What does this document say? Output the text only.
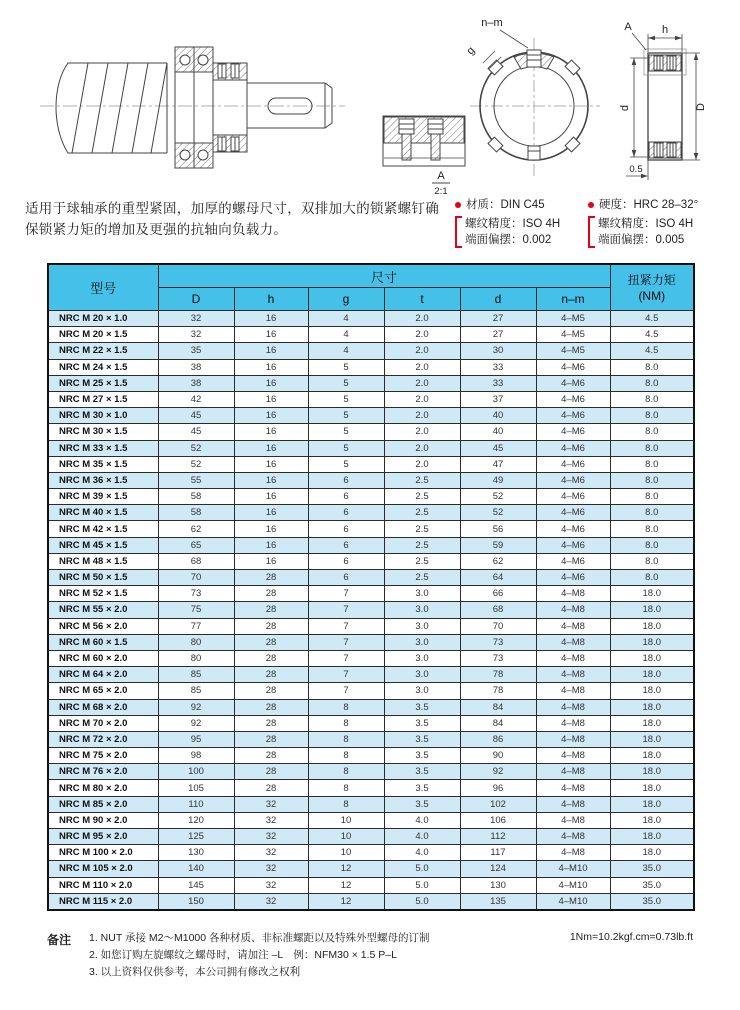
A
2:1
n–m
g
h
A
d	D
0.5
适用于球轴承的重型紧固，加厚的螺母尺寸，双排加大的锁紧螺钉确保锁紧力矩的增加及更强的抗轴向负载力。
材质：DIN C45
螺纹精度：ISO 4H
端面偏摆：0.002
硬度：HRC 28–32°
螺纹精度：ISO 4H
端面偏摆：0.005
型号	尺寸						扭紧力矩
(NM)

	D	h	g	t	d	n–m	
NRC M 20 × 1.0	32	16	4	2.0	27	4–M5	4.5
NRC M 20 × 1.5	32	16	4	2.0	27	4–M5	4.5
NRC M 22 × 1.5	35	16	4	2.0	30	4–M5	4.5
NRC M 24 × 1.5	38	16	5	2.0	33	4–M6	8.0
NRC M 25 × 1.5	38	16	5	2.0	33	4–M6	8.0
NRC M 27 × 1.5	42	16	5	2.0	37	4–M6	8.0
NRC M 30 × 1.0	45	16	5	2.0	40	4–M6	8.0
NRC M 30 × 1.5	45	16	5	2.0	40	4–M6	8.0
NRC M 33 × 1.5	52	16	5	2.0	45	4–M6	8.0
NRC M 35 × 1.5	52	16	5	2.0	47	4–M6	8.0
NRC M 36 × 1.5	55	16	6	2.5	49	4–M6	8.0
NRC M 39 × 1.5	58	16	6	2.5	52	4–M6	8.0
NRC M 40 × 1.5	58	16	6	2.5	52	4–M6	8.0
NRC M 42 × 1.5	62	16	6	2.5	56	4–M6	8.0
NRC M 45 × 1.5	65	16	6	2.5	59	4–M6	8.0
NRC M 48 × 1.5	68	16	6	2.5	62	4–M6	8.0
NRC M 50 × 1.5	70	28	6	2.5	64	4–M6	8.0
NRC M 52 × 1.5	73	28	7	3.0	66	4–M8	18.0
NRC M 55 × 2.0	75	28	7	3.0	68	4–M8	18.0
NRC M 56 × 2.0	77	28	7	3.0	70	4–M8	18.0
NRC M 60 × 1.5	80	28	7	3.0	73	4–M8	18.0
NRC M 60 × 2.0	80	28	7	3.0	73	4–M8	18.0
NRC M 64 × 2.0	85	28	7	3.0	78	4–M8	18.0
NRC M 65 × 2.0	85	28	7	3.0	78	4–M8	18.0
NRC M 68 × 2.0	92	28	8	3.5	84	4–M8	18.0
NRC M 70 × 2.0	92	28	8	3.5	84	4–M8	18.0
NRC M 72 × 2.0	95	28	8	3.5	86	4–M8	18.0
NRC M 75 × 2.0	98	28	8	3.5	90	4–M8	18.0
NRC M 76 × 2.0	100	28	8	3.5	92	4–M8	18.0
NRC M 80 × 2.0	105	28	8	3.5	96	4–M8	18.0
NRC M 85 × 2.0	110	32	8	3.5	102	4–M8	18.0
NRC M 90 × 2.0	120	32	10	4.0	106	4–M8	18.0
NRC M 95 × 2.0	125	32	10	4.0	112	4–M8	18.0
NRC M 100 × 2.0	130	32	10	4.0	117	4–M8	18.0
NRC M 105 × 2.0	140	32	12	5.0	124	4–M10	35.0
NRC M 110 × 2.0	145	32	12	5.0	130	4–M10	35.0
NRC M 115 × 2.0	150	32	12	5.0	135	4–M10	35.0
备注	1. NUT 承接 M2～M1000 各种材质、非标准螺距以及特殊外型螺母的订制
2. 如您订购左旋螺纹之螺母时，请加注 –L　例：NFM30 × 1.5 P–L
3. 以上资料仅供参考，本公司拥有修改之权利
1Nm=10.2kgf.cm=0.73lb.ft
